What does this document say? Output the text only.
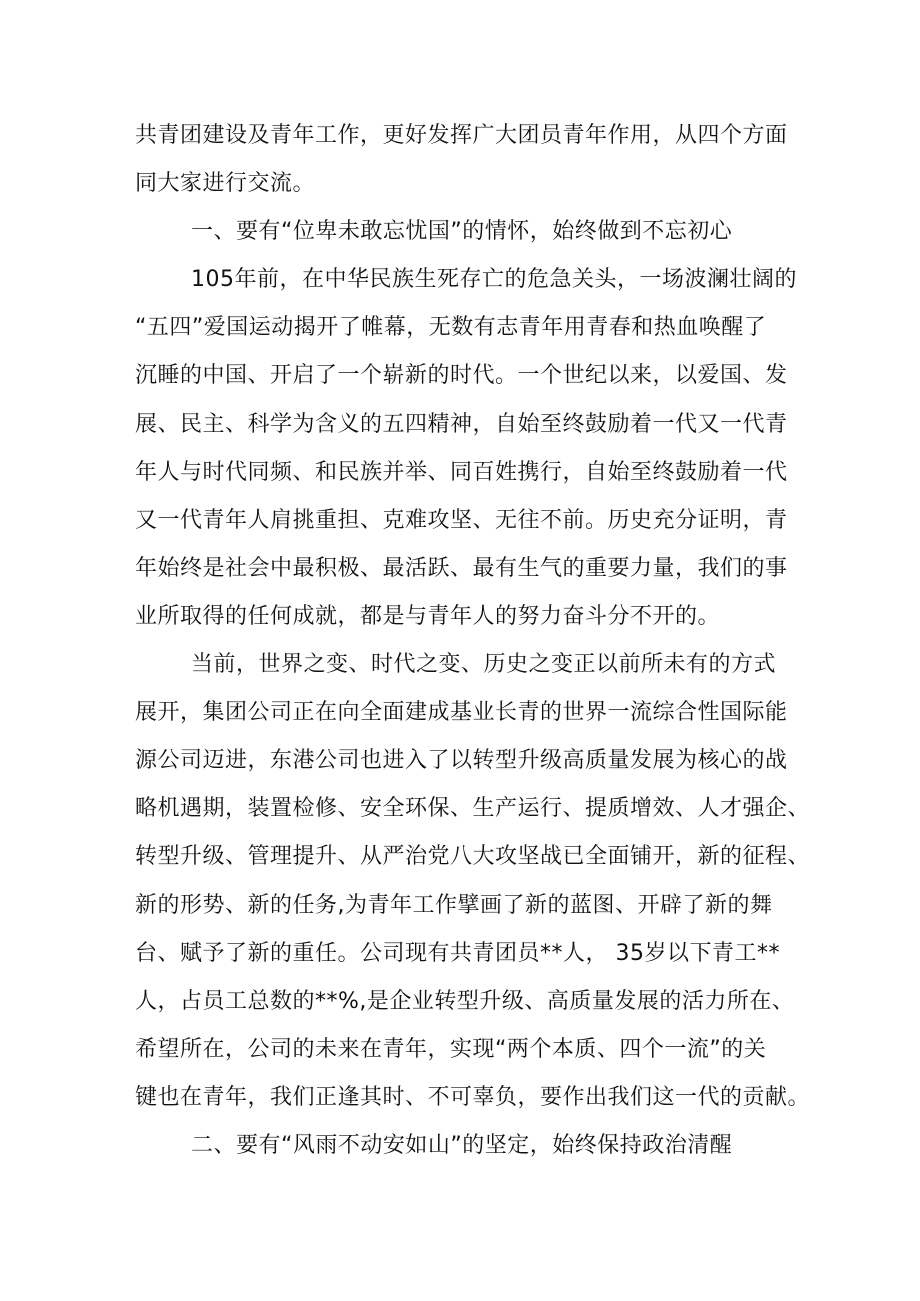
共青团建设及青年工作，更好发挥广大团员青年作用，从四个方面
同大家进行交流。
一、要有“位卑未敢忘忧国”的情怀，始终做到不忘初心
105年前，在中华民族生死存亡的危急关头，一场波澜壮阔的
“五四”爱国运动揭开了帷幕，无数有志青年用青春和热血唤醒了
沉睡的中国、开启了一个崭新的时代。一个世纪以来，以爱国、发
展、民主、科学为含义的五四精神，自始至终鼓励着一代又一代青
年人与时代同频、和民族并举、同百姓携行，自始至终鼓励着一代
又一代青年人肩挑重担、克难攻坚、无往不前。历史充分证明，青
年始终是社会中最积极、最活跃、最有生气的重要力量，我们的事
业所取得的任何成就，都是与青年人的努力奋斗分不开的。
当前，世界之变、时代之变、历史之变正以前所未有的方式
展开，集团公司正在向全面建成基业长青的世界一流综合性国际能
源公司迈进，东港公司也进入了以转型升级高质量发展为核心的战
略机遇期，装置检修、安全环保、生产运行、提质增效、人才强企、
转型升级、管理提升、从严治党八大攻坚战已全面铺开，新的征程、
新的形势、新的任务,为青年工作擘画了新的蓝图、开辟了新的舞
台、赋予了新的重任。公司现有共青团员**人， 35岁以下青工**
人，占员工总数的**%,是企业转型升级、高质量发展的活力所在、
希望所在，公司的未来在青年，实现“两个本质、四个一流”的关
键也在青年，我们正逢其时、不可辜负，要作出我们这一代的贡献。
二、要有“风雨不动安如山”的坚定，始终保持政治清醒
